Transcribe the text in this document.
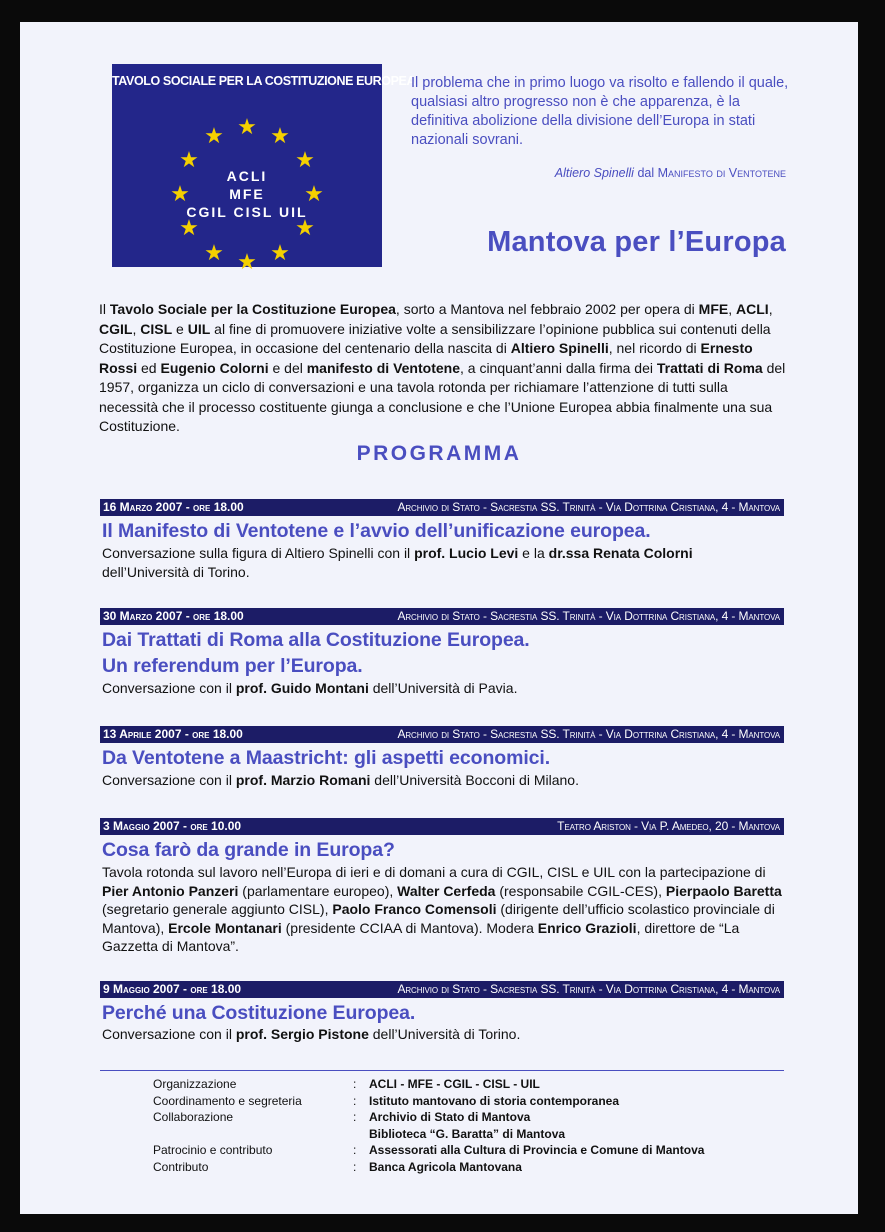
TAVOLO SOCIALE PER LA COSTITUZIONE EUROPEA
★ ★
★
★
★
★
★
★
★
★
★
★
ACLI
MFE
CGIL CISL UIL
Il problema che in primo luogo va risolto e fallendo il quale, qualsiasi altro progresso non è che apparenza, è la definitiva abolizione della divisione dell’Europa in stati nazionali sovrani.
Altiero Spinelli dal Manifesto di Ventotene
Mantova per l’Europa
Il Tavolo Sociale per la Costituzione Europea, sorto a Mantova nel febbraio 2002 per opera di MFE, ACLI, CGIL, CISL e UIL al fine di promuovere iniziative volte a sensibilizzare l’opinione pubblica sui contenuti della Costituzione Europea, in occasione del centenario della nascita di Altiero Spinelli, nel ricordo di Ernesto Rossi ed Eugenio Colorni e del manifesto di Ventotene, a cinquant’anni dalla firma dei Trattati di Roma del 1957, organizza un ciclo di conversazioni e una tavola rotonda per richiamare l’attenzione di tutti sulla necessità che il processo costituente giunga a conclusione e che l’Unione Europea abbia finalmente una sua Costituzione.
PROGRAMMA
16 Marzo 2007 - ore 18.00	Archivio di Stato - Sacrestia SS. Trinità - Via Dottrina Cristiana, 4 - Mantova
Il Manifesto di Ventotene e l’avvio dell’unificazione europea.
Conversazione sulla figura di Altiero Spinelli con il prof. Lucio Levi e la dr.ssa Renata Colorni dell’Università di Torino.
30 Marzo 2007 - ore 18.00	Archivio di Stato - Sacrestia SS. Trinità - Via Dottrina Cristiana, 4 - Mantova
Dai Trattati di Roma alla Costituzione Europea.
Un referendum per l’Europa.
Conversazione con il prof. Guido Montani dell’Università di Pavia.
13 Aprile 2007 - ore 18.00	Archivio di Stato - Sacrestia SS. Trinità - Via Dottrina Cristiana, 4 - Mantova
Da Ventotene a Maastricht: gli aspetti economici.
Conversazione con il prof. Marzio Romani dell’Università Bocconi di Milano.
3 Maggio 2007 - ore 10.00	Teatro Ariston - Via P. Amedeo, 20 - Mantova
Cosa farò da grande in Europa?
Tavola rotonda sul lavoro nell’Europa di ieri e di domani a cura di CGIL, CISL e UIL con la partecipazione di Pier Antonio Panzeri (parlamentare europeo), Walter Cerfeda (responsabile CGIL-CES), Pierpaolo Baretta (segretario generale aggiunto CISL), Paolo Franco Comensoli (dirigente dell’ufficio scolastico provinciale di Mantova), Ercole Montanari (presidente CCIAA di Mantova). Modera Enrico Grazioli, direttore de “La Gazzetta di Mantova”.
9 Maggio 2007 - ore 18.00	Archivio di Stato - Sacrestia SS. Trinità - Via Dottrina Cristiana, 4 - Mantova
Perché una Costituzione Europea.
Conversazione con il prof. Sergio Pistone dell’Università di Torino.
Organizzazione	:	ACLI - MFE - CGIL - CISL - UIL
Coordinamento e segreteria	:	Istituto mantovano di storia contemporanea
Collaborazione	:	Archivio di Stato di Mantova
Biblioteca “G. Baratta” di Mantova
Patrocinio e contributo	:	Assessorati alla Cultura di Provincia e Comune di Mantova
Contributo	:	Banca Agricola Mantovana
